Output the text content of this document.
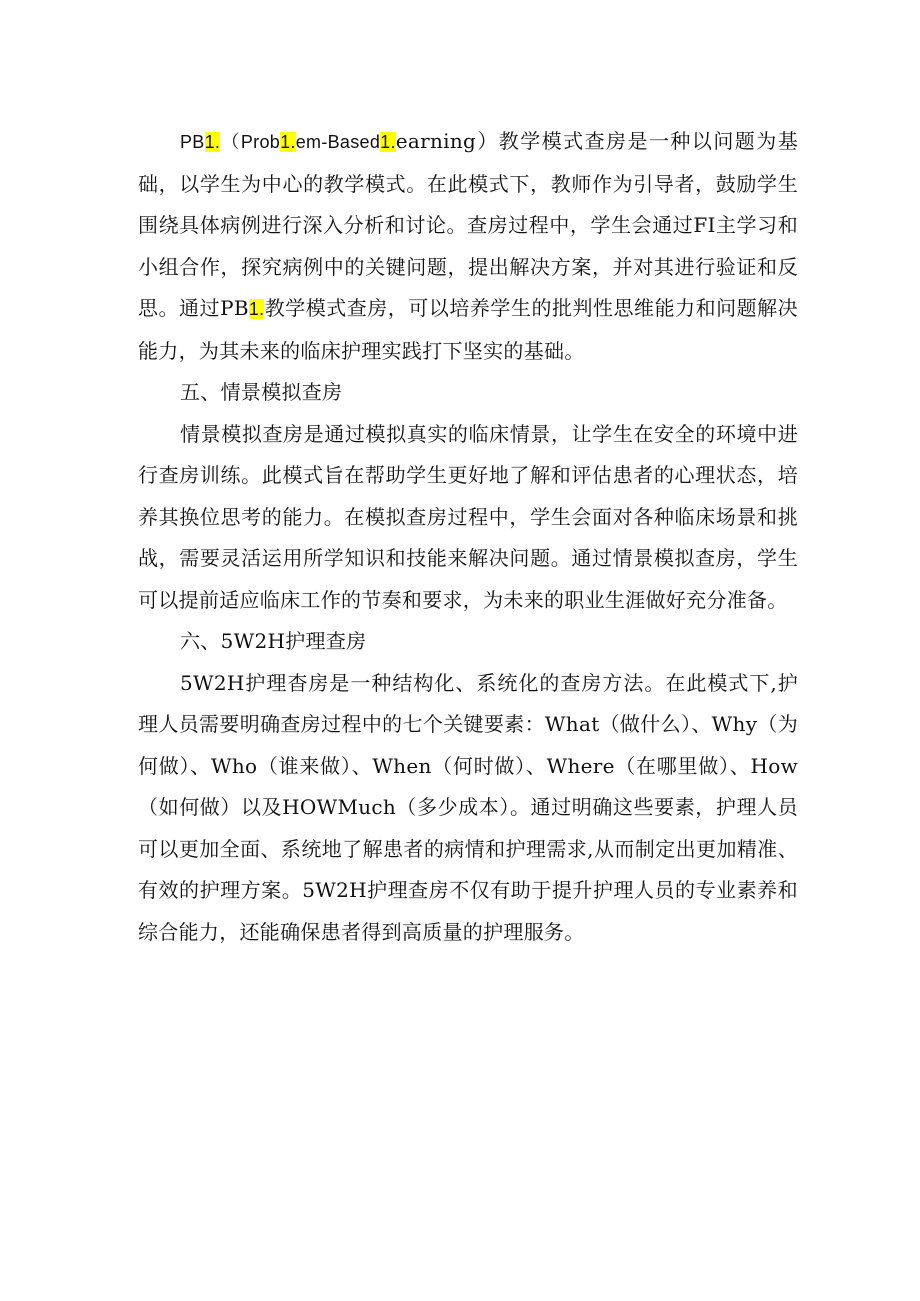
PB1.（Prob1.em-Based1.earning）教学模式查房是一种以问题为基础，以学生为中心的教学模式。在此模式下，教师作为引导者，鼓励学生围绕具体病例进行深入分析和讨论。查房过程中，学生会通过FI主学习和小组合作，探究病例中的关键问题，提出解决方案，并对其进行验证和反思。通过PB1.教学模式查房，可以培养学生的批判性思维能力和问题解决能力，为其未来的临床护理实践打下坚实的基础。

五、情景模拟查房

情景模拟查房是通过模拟真实的临床情景，让学生在安全的环境中进行查房训练。此模式旨在帮助学生更好地了解和评估患者的心理状态，培养其换位思考的能力。在模拟查房过程中，学生会面对各种临床场景和挑战，需要灵活运用所学知识和技能来解决问题。通过情景模拟查房，学生可以提前适应临床工作的节奏和要求，为未来的职业生涯做好充分准备。

六、5W2H护理查房

5W2H护理杳房是一种结构化、系统化的查房方法。在此模式下,护理人员需要明确查房过程中的七个关键要素：What（做什么）、Why（为何做）、Who（谁来做）、When（何时做）、Where（在哪里做）、How（如何做）以及HOWMuch（多少成本）。通过明确这些要素，护理人员可以更加全面、系统地了解患者的病情和护理需求,从而制定出更加精准、有效的护理方案。5W2H护理查房不仅有助于提升护理人员的专业素养和综合能力，还能确保患者得到高质量的护理服务。
